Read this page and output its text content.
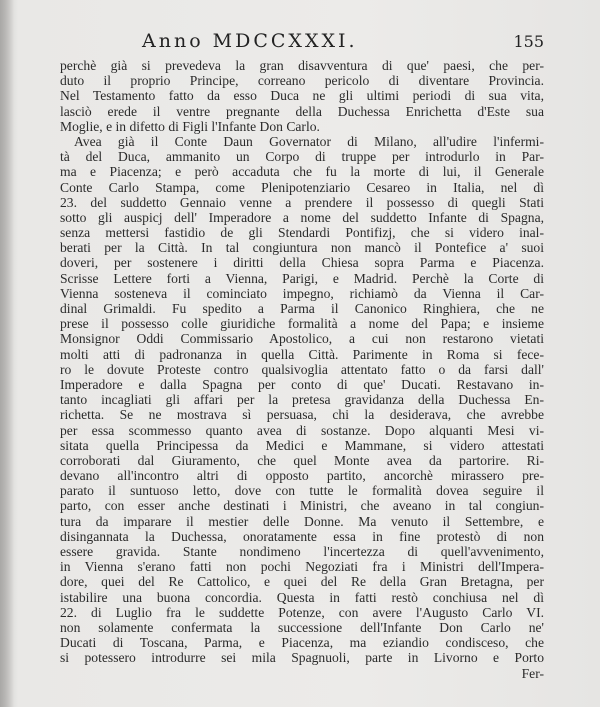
Anno MDCCXXXI.	155
perchè già si prevedeva la gran disavventura di que' paesi, che per-
duto il proprio Principe, correano pericolo di diventare Provincia.
Nel Testamento fatto da esso Duca ne gli ultimi periodi di sua vita,
lasciò erede il ventre pregnante della Duchessa Enrichetta d'Este sua
Moglie, e in difetto di Figli l'Infante Don Carlo.
Avea già il Conte Daun Governator di Milano, all'udire l'infermi-
tà del Duca, ammanito un Corpo di truppe per introdurlo in Par-
ma e Piacenza; e però accaduta che fu la morte di lui, il Generale
Conte Carlo Stampa, come Plenipotenziario Cesareo in Italia, nel dì
23. del suddetto Gennaio venne a prendere il possesso di quegli Stati
sotto gli auspicj dell' Imperadore a nome del suddetto Infante di Spagna,
senza mettersi fastidio de gli Stendardi Pontifizj, che si videro inal-
berati per la Città. In tal congiuntura non mancò il Pontefice a' suoi
doveri, per sostenere i diritti della Chiesa sopra Parma e Piacenza.
Scrisse Lettere forti a Vienna, Parigi, e Madrid. Perchè la Corte di
Vienna sosteneva il cominciato impegno, richiamò da Vienna il Car-
dinal Grimaldi. Fu spedito a Parma il Canonico Ringhiera, che ne
prese il possesso colle giuridiche formalità a nome del Papa; e insieme
Monsignor Oddi Commissario Apostolico, a cui non restarono vietati
molti atti di padronanza in quella Città. Parimente in Roma si fece-
ro le dovute Proteste contro qualsivoglia attentato fatto o da farsi dall'
Imperadore e dalla Spagna per conto di que' Ducati. Restavano in-
tanto incagliati gli affari per la pretesa gravidanza della Duchessa En-
richetta. Se ne mostrava sì persuasa, chi la desiderava, che avrebbe
per essa scommesso quanto avea di sostanze. Dopo alquanti Mesi vi-
sitata quella Principessa da Medici e Mammane, si videro attestati
corroborati dal Giuramento, che quel Monte avea da partorire. Ri-
devano all'incontro altri di opposto partito, ancorchè mirassero pre-
parato il suntuoso letto, dove con tutte le formalità dovea seguire il
parto, con esser anche destinati i Ministri, che aveano in tal congiun-
tura da imparare il mestier delle Donne. Ma venuto il Settembre, e
disingannata la Duchessa, onoratamente essa in fine protestò di non
essere gravida. Stante nondimeno l'incertezza di quell'avvenimento,
in Vienna s'erano fatti non pochi Negoziati fra i Ministri dell'Impera-
dore, quei del Re Cattolico, e quei del Re della Gran Bretagna, per
istabilire una buona concordia. Questa in fatti restò conchiusa nel dì
22. di Luglio fra le suddette Potenze, con avere l'Augusto Carlo VI.
non solamente confermata la successione dell'Infante Don Carlo ne'
Ducati di Toscana, Parma, e Piacenza, ma eziandio condisceso, che
si potessero introdurre sei mila Spagnuoli, parte in Livorno e Porto
Fer-
